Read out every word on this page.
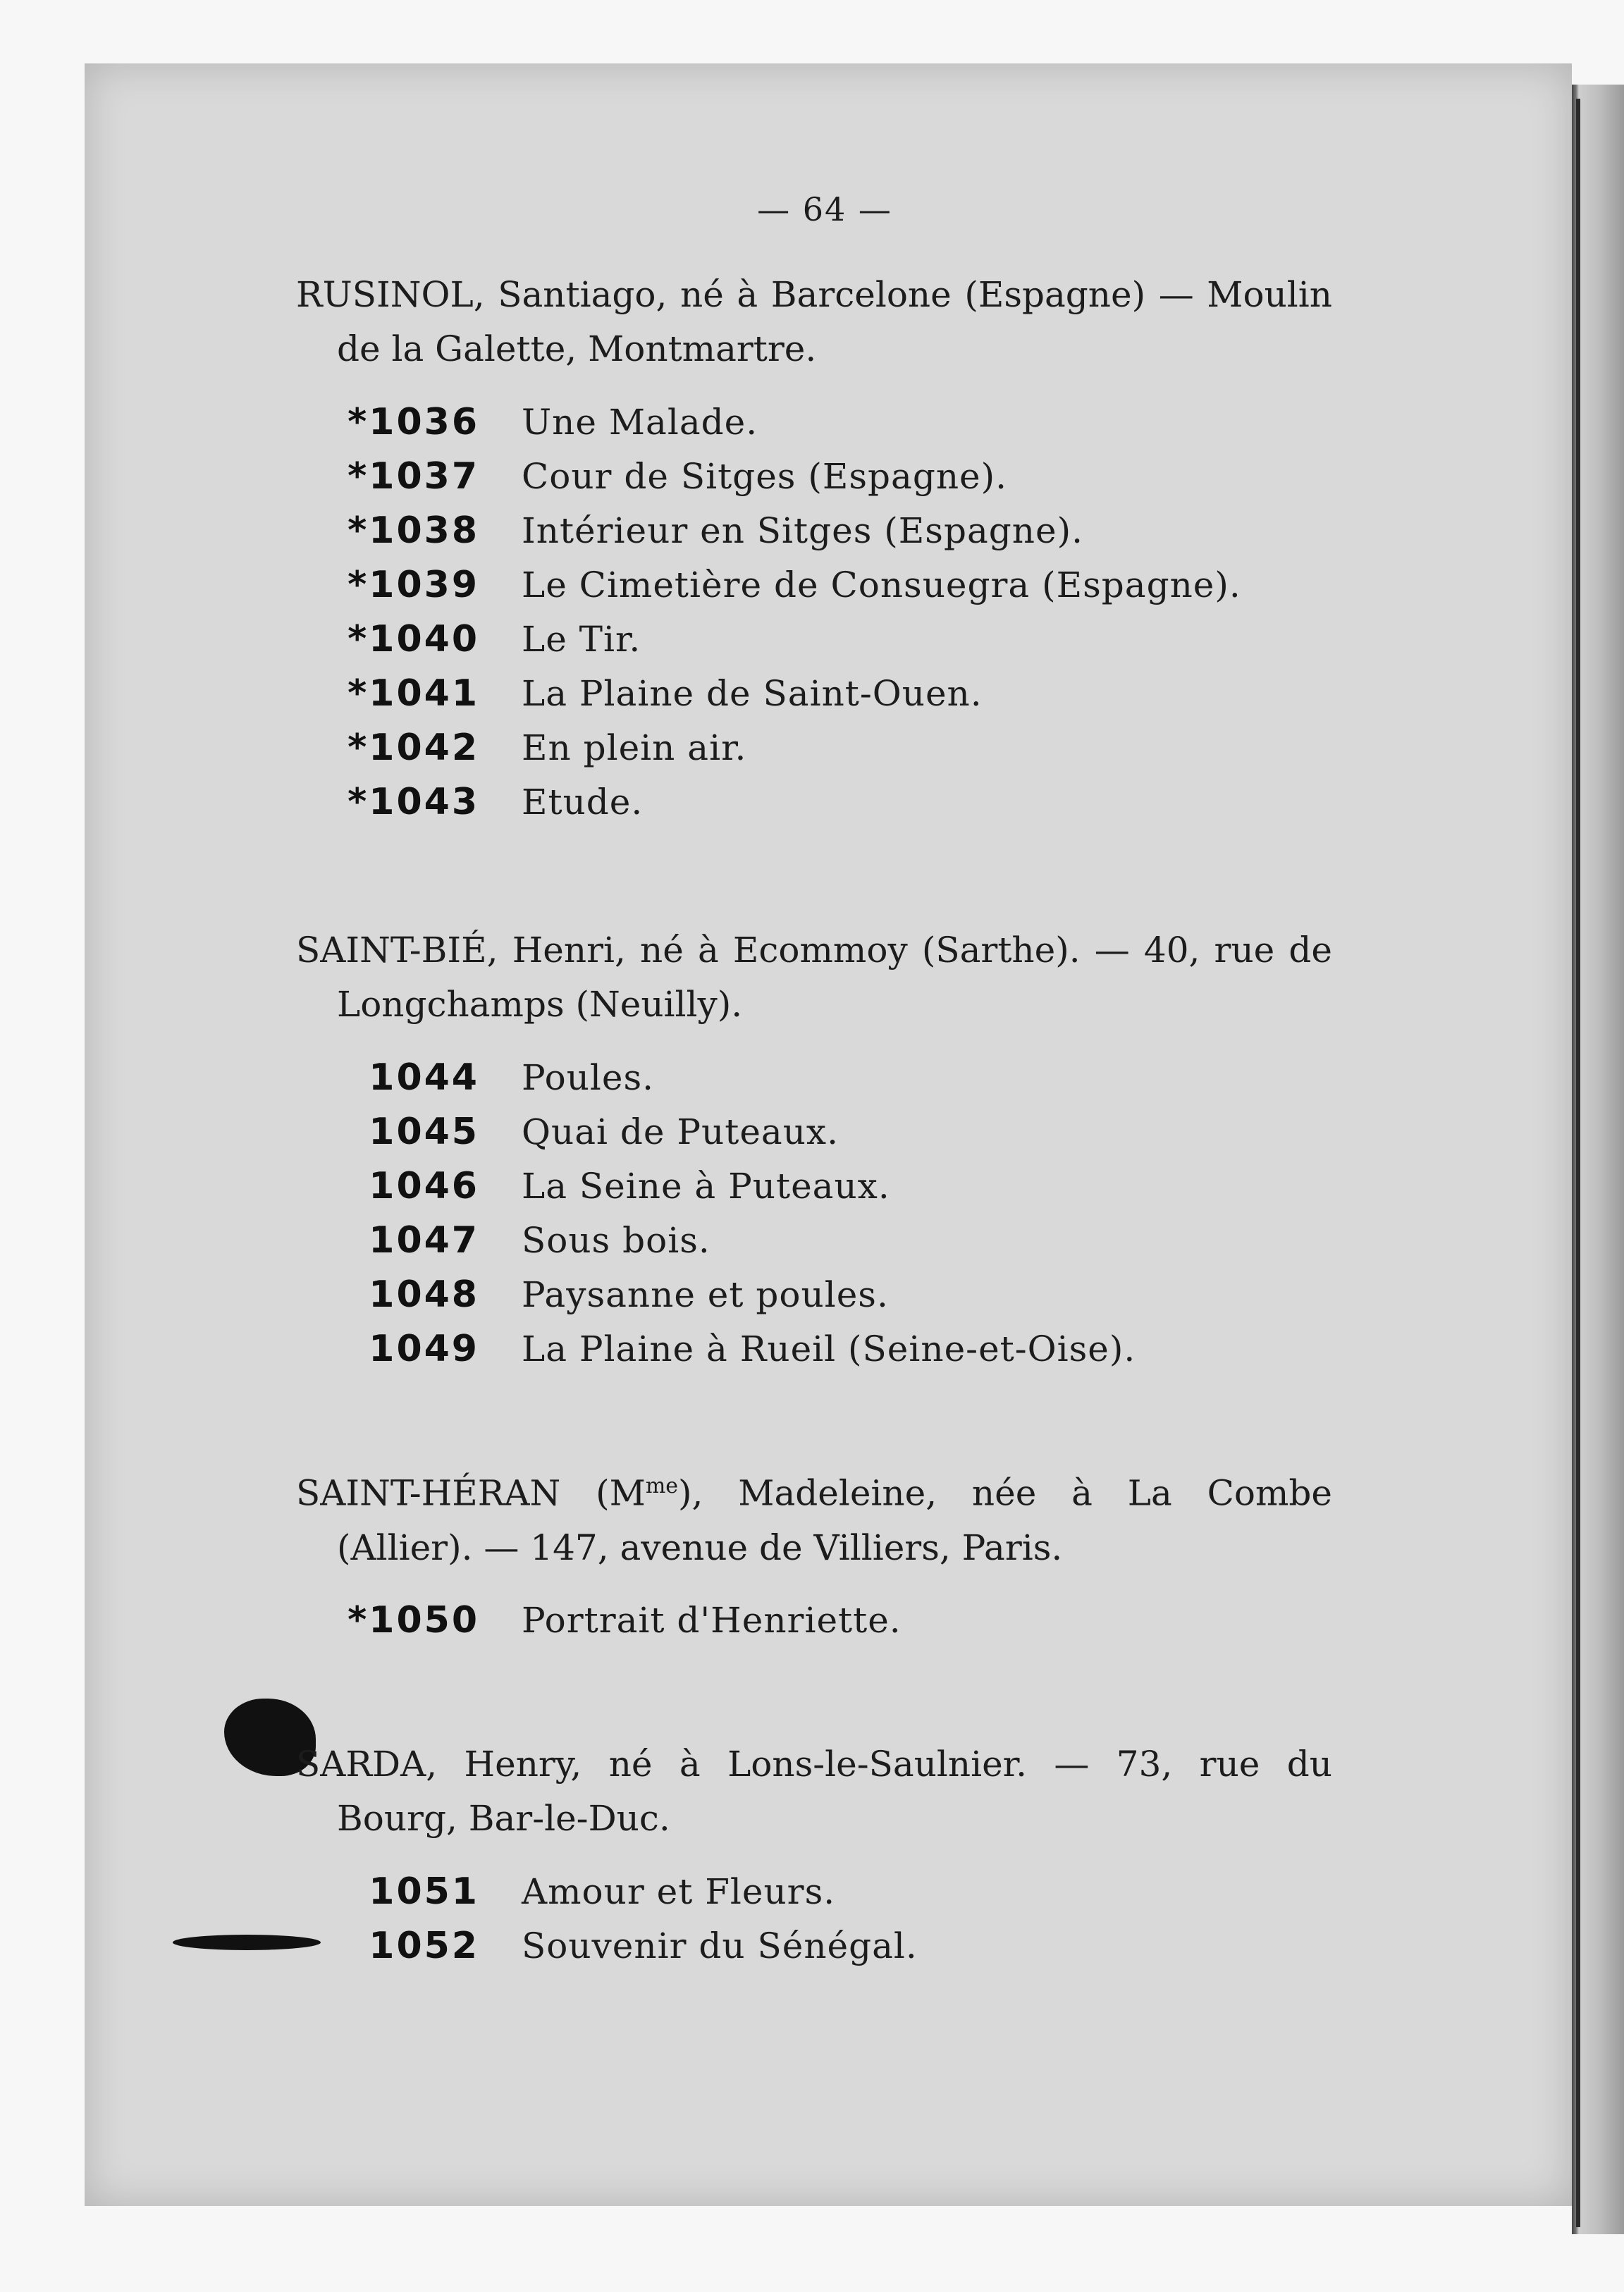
— 64 —
RUSINOL, Santiago, né à Barcelone (Espagne) — Moulin de la Galette, Montmartre.
*1036	Une Malade.
*1037	Cour de Sitges (Espagne).
*1038	Intérieur en Sitges (Espagne).
*1039	Le Cimetière de Consuegra (Espagne).
*1040	Le Tir.
*1041	La Plaine de Saint-Ouen.
*1042	En plein air.
*1043	Etude.
SAINT-BIÉ, Henri, né à Ecommoy (Sarthe). — 40, rue de Longchamps (Neuilly).
1044	Poules.
1045	Quai de Puteaux.
1046	La Seine à Puteaux.
1047	Sous bois.
1048	Paysanne et poules.
1049	La Plaine à Rueil (Seine-et-Oise).
SAINT-HÉRAN $(M^{me})$, Madeleine, née à La Combe (Allier). — 147, avenue de Villiers, Paris.
*1050	Portrait d'Henriette.
SARDA, Henry, né à Lons-le-Saulnier. — 73, rue du Bourg, Bar-le-Duc.
1051	Amour et Fleurs.
1052	Souvenir du Sénégal.
